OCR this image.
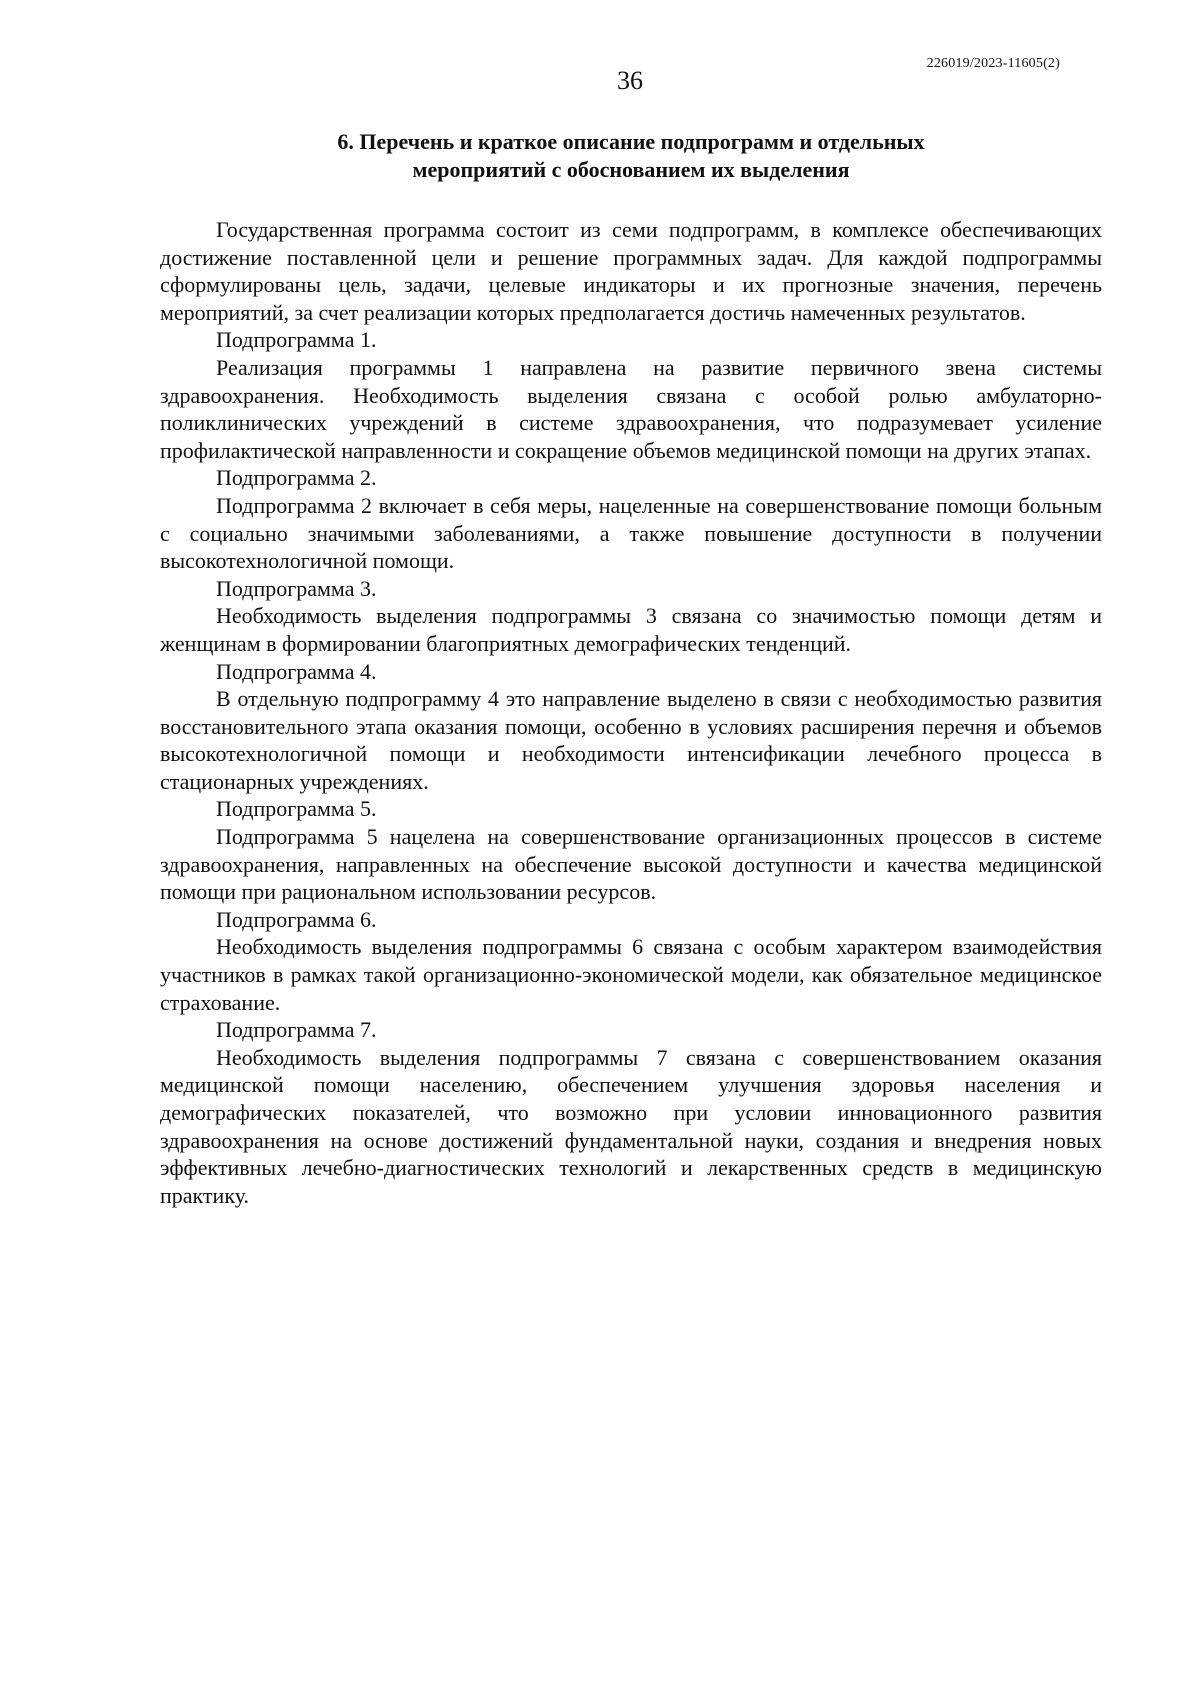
226019/2023-11605(2)
36
6. Перечень и краткое описание подпрограмм и отдельных
мероприятий с обоснованием их выделения

Государственная программа состоит из семи подпрограмм, в комплексе обеспечивающих достижение поставленной цели и решение программных задач. Для каждой подпрограммы сформулированы цель, задачи, целевые индикаторы и их прогнозные значения, перечень мероприятий, за счет реализации которых предполагается достичь намеченных результатов.

Подпрограмма 1.

Реализация программы 1 направлена на развитие первичного звена системы здравоохранения. Необходимость выделения связана с особой ролью амбулаторно-поликлинических учреждений в системе здравоохранения, что подразумевает усиление профилактической направленности и сокращение объемов медицинской помощи на других этапах.

Подпрограмма 2.

Подпрограмма 2 включает в себя меры, нацеленные на совершенствование помощи больным с социально значимыми заболеваниями, а также повышение доступности в получении высокотехнологичной помощи.

Подпрограмма 3.

Необходимость выделения подпрограммы 3 связана со значимостью помощи детям и женщинам в формировании благоприятных демографических тенденций.

Подпрограмма 4.

В отдельную подпрограмму 4 это направление выделено в связи с необходимостью развития восстановительного этапа оказания помощи, особенно в условиях расширения перечня и объемов высокотехнологичной помощи и необходимости интенсификации лечебного процесса в стационарных учреждениях.

Подпрограмма 5.

Подпрограмма 5 нацелена на совершенствование организационных процессов в системе здравоохранения, направленных на обеспечение высокой доступности и качества медицинской помощи при рациональном использовании ресурсов.

Подпрограмма 6.

Необходимость выделения подпрограммы 6 связана с особым характером взаимодействия участников в рамках такой организационно-экономической модели, как обязательное медицинское страхование.

Подпрограмма 7.

Необходимость выделения подпрограммы 7 связана с совершенствованием оказания медицинской помощи населению, обеспечением улучшения здоровья населения и демографических показателей, что возможно при условии инновационного развития здравоохранения на основе достижений фундаментальной науки, создания и внедрения новых эффективных лечебно-диагностических технологий и лекарственных средств в медицинскую практику.
